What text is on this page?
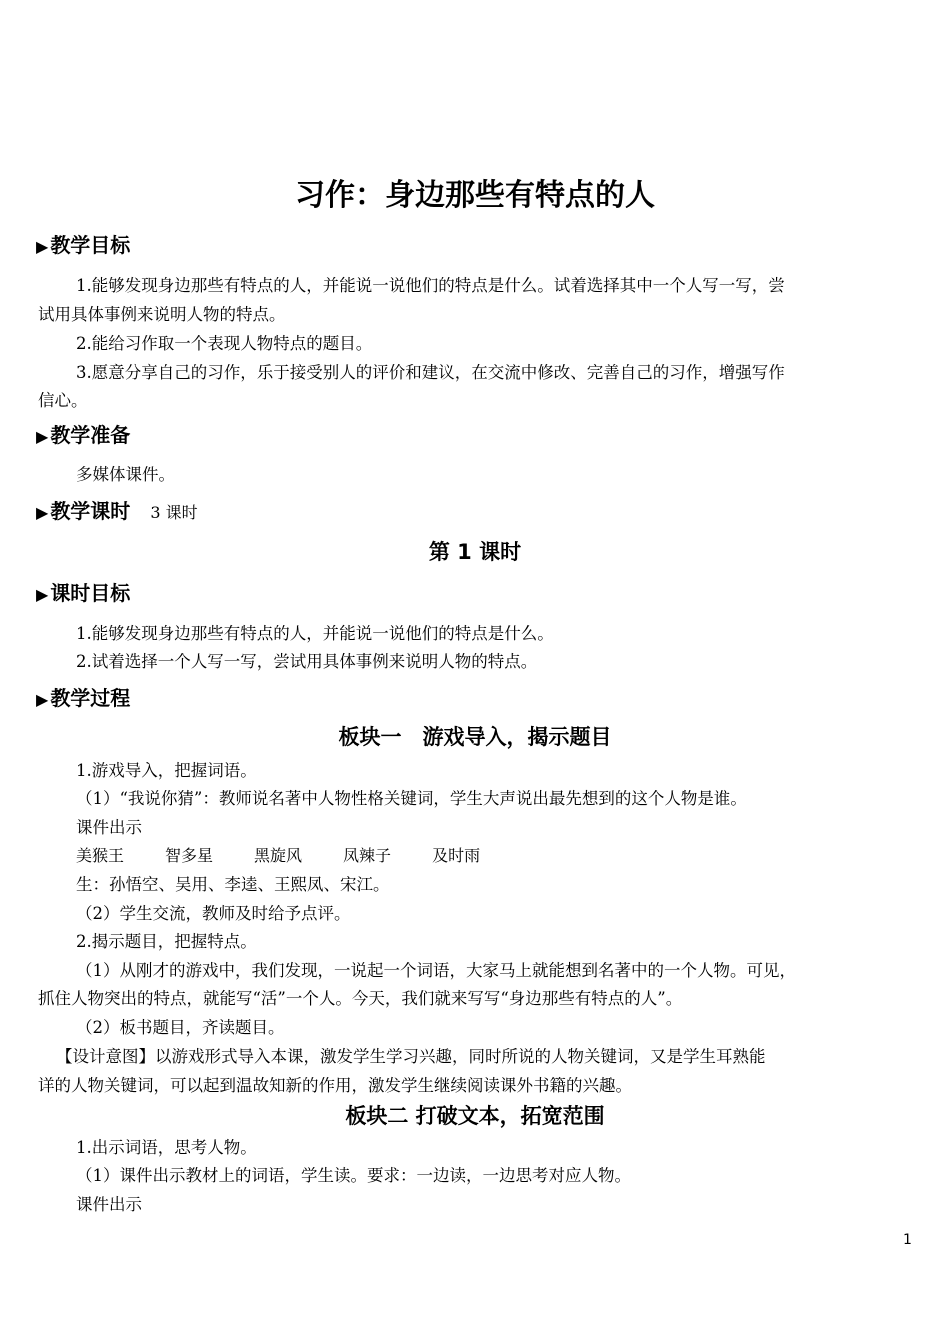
习作：身边那些有特点的人
▶ 教学目标
1.能够发现身边那些有特点的人，并能说一说他们的特点是什么。试着选择其中一个人写一写，尝
试用具体事例来说明人物的特点。
2.能给习作取一个表现人物特点的题目。
3.愿意分享自己的习作，乐于接受别人的评价和建议，在交流中修改、完善自己的习作，增强写作
信心。
▶ 教学准备
多媒体课件。
▶ 教学课时 3 课时
第 1 课时
▶ 课时目标
1.能够发现身边那些有特点的人，并能说一说他们的特点是什么。
2.试着选择一个人写一写，尝试用具体事例来说明人物的特点。
▶ 教学过程
板块一　游戏导入，揭示题目
1.游戏导入，把握词语。
（1）“我说你猜”：教师说名著中人物性格关键词，学生大声说出最先想到的这个人物是谁。
课件出示
美猴王	智多星	黑旋风	凤辣子	及时雨
生：孙悟空、吴用、李逵、王熙凤、宋江。
（2）学生交流，教师及时给予点评。
2.揭示题目，把握特点。
（1）从刚才的游戏中，我们发现，一说起一个词语，大家马上就能想到名著中的一个人物。可见，
抓住人物突出的特点，就能写“活”一个人。今天，我们就来写写“身边那些有特点的人”。
（2）板书题目，齐读题目。
【设计意图】以游戏形式导入本课，激发学生学习兴趣，同时所说的人物关键词，又是学生耳熟能
详的人物关键词，可以起到温故知新的作用，激发学生继续阅读课外书籍的兴趣。
板块二 打破文本，拓宽范围
1.出示词语，思考人物。
（1）课件出示教材上的词语，学生读。要求：一边读，一边思考对应人物。
课件出示
1
